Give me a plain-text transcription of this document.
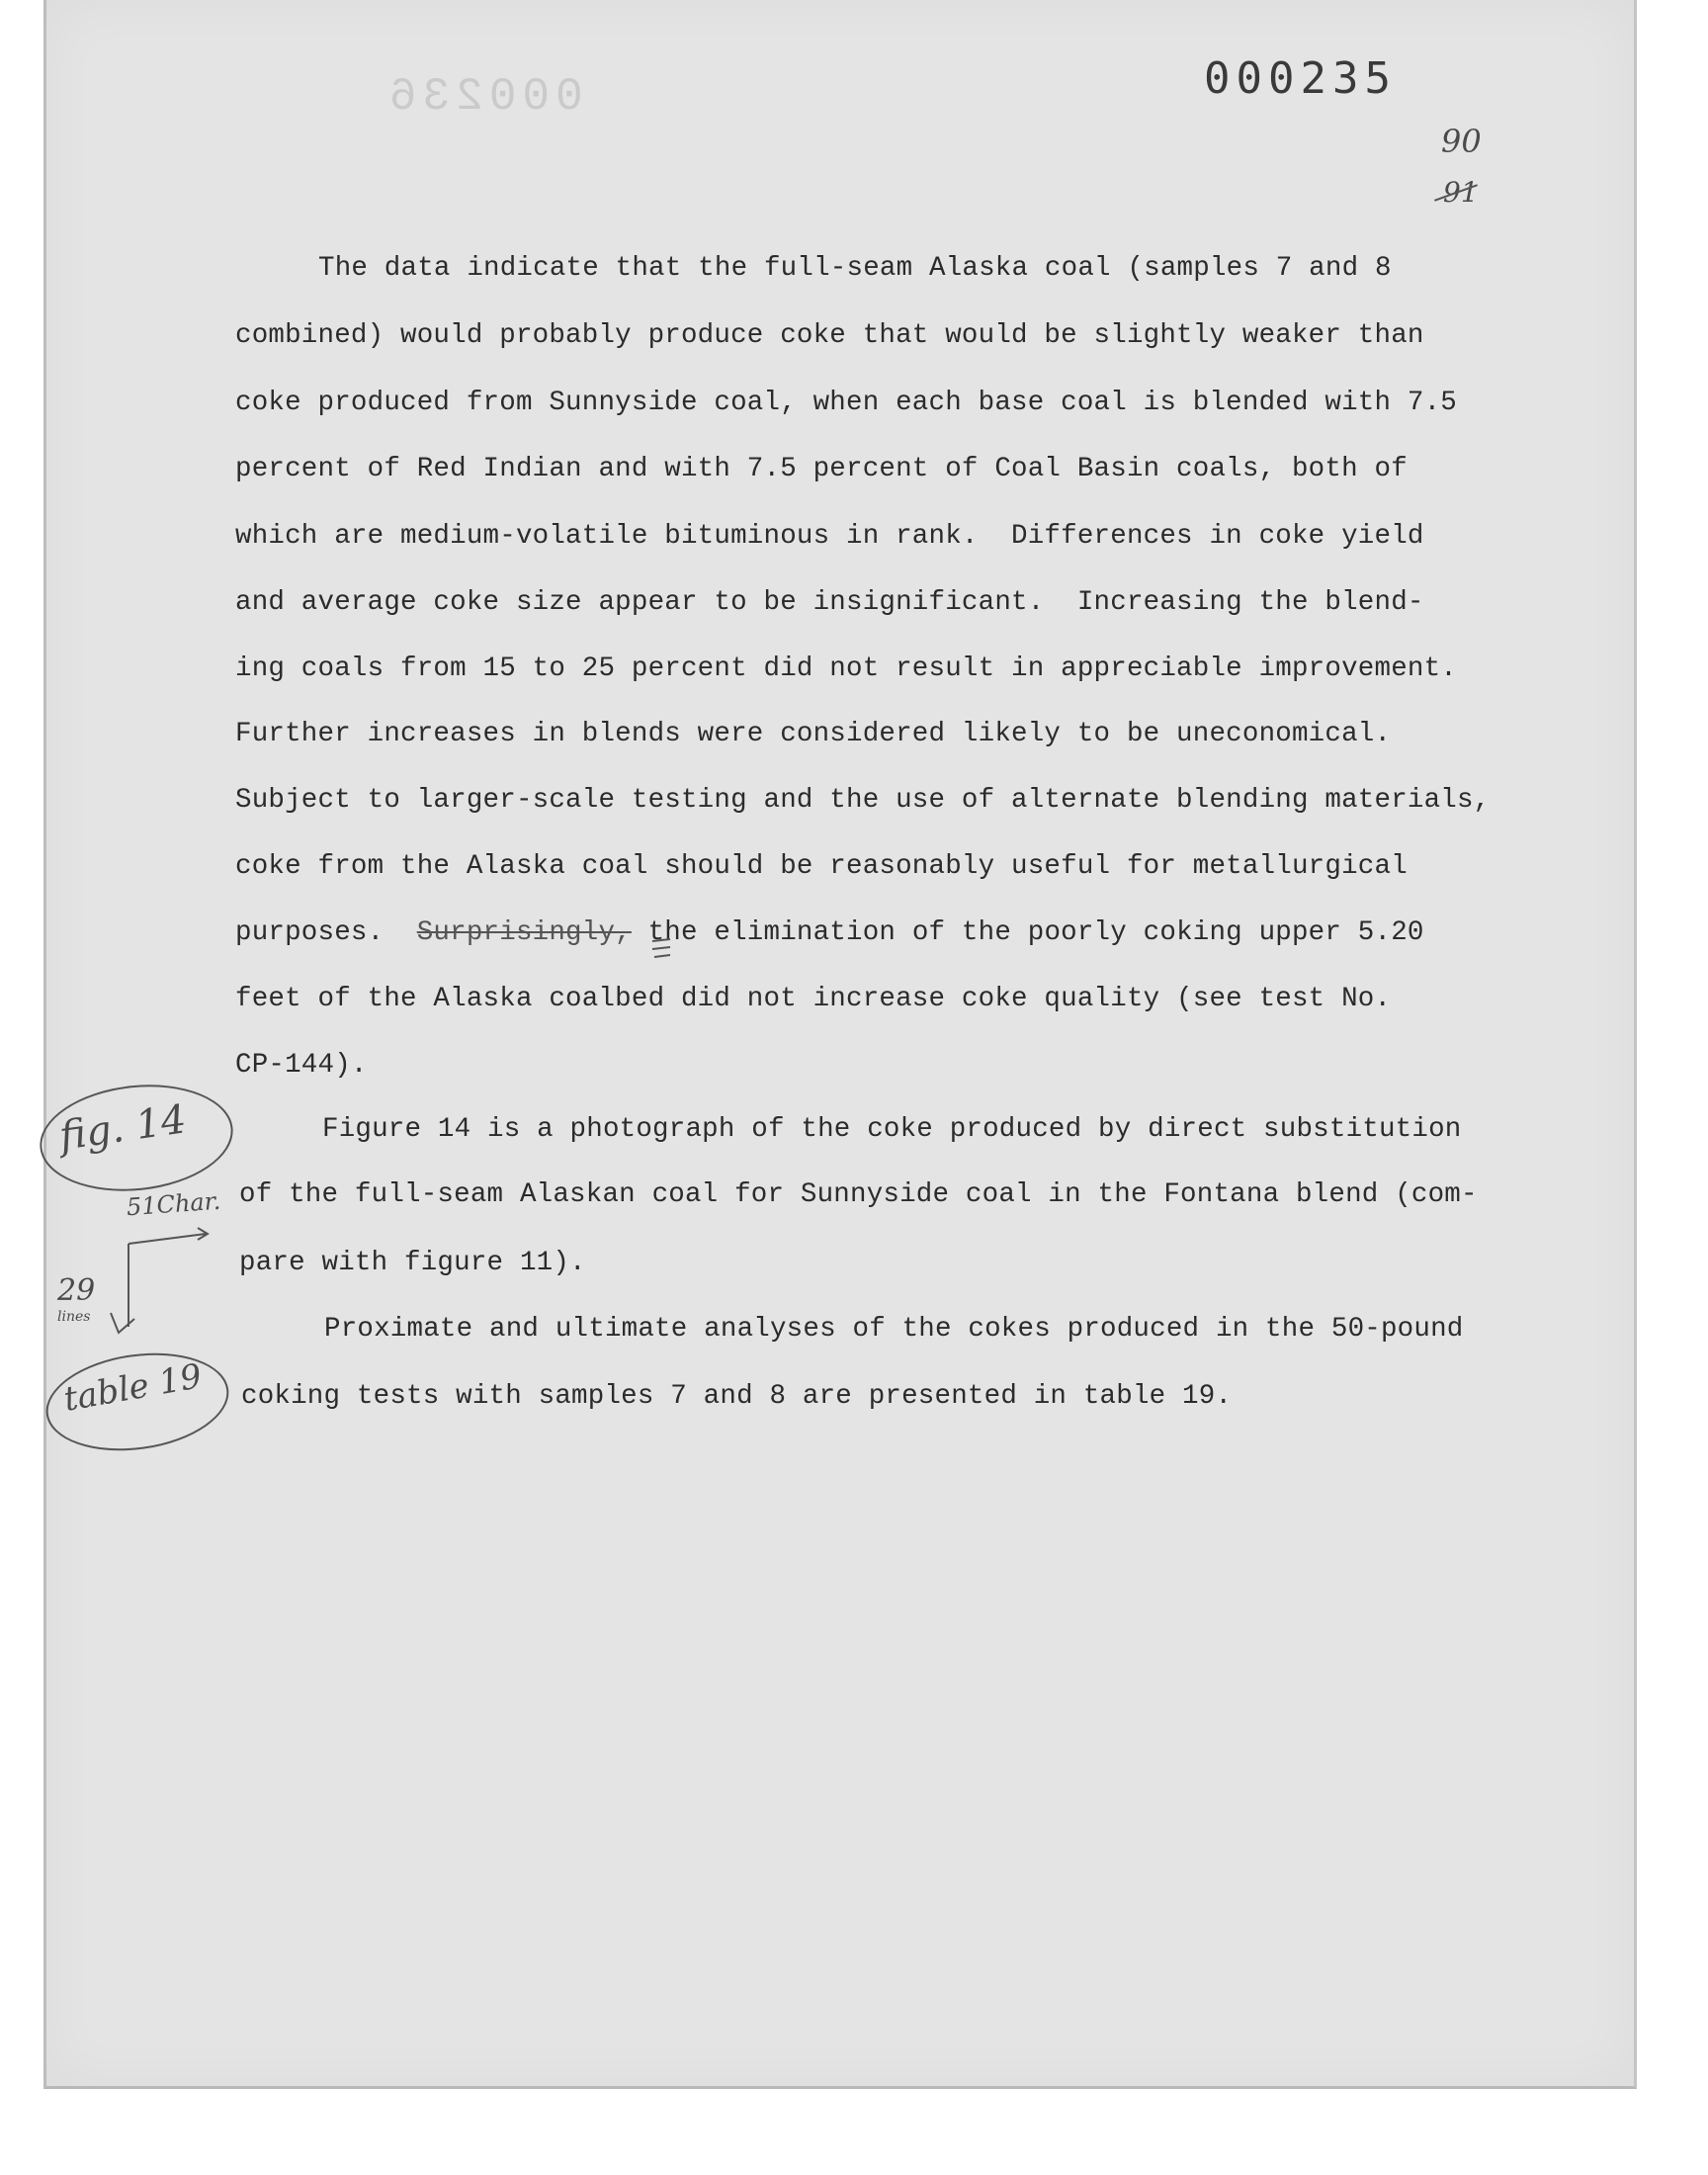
000236	000235
90
91
The data indicate that the full-seam Alaska coal (samples 7 and 8
combined) would probably produce coke that would be slightly weaker than
coke produced from Sunnyside coal, when each base coal is blended with 7.5
percent of Red Indian and with 7.5 percent of Coal Basin coals, both of
which are medium-volatile bituminous in rank.  Differences in coke yield
and average coke size appear to be insignificant.  Increasing the blend-
ing coals from 15 to 25 percent did not result in appreciable improvement.
Further increases in blends were considered likely to be uneconomical.
Subject to larger-scale testing and the use of alternate blending materials,
coke from the Alaska coal should be reasonably useful for metallurgical
purposes.  Surprisingly, the elimination of the poorly coking upper 5.20
feet of the Alaska coalbed did not increase coke quality (see test No.
CP-144).
Figure 14 is a photograph of the coke produced by direct substitution
of the full-seam Alaskan coal for Sunnyside coal in the Fontana blend (com-
pare with figure 11).
Proximate and ultimate analyses of the cokes produced in the 50-pound
coking tests with samples 7 and 8 are presented in table 19.
fig. 14
51Char.
29
lines
table 19
